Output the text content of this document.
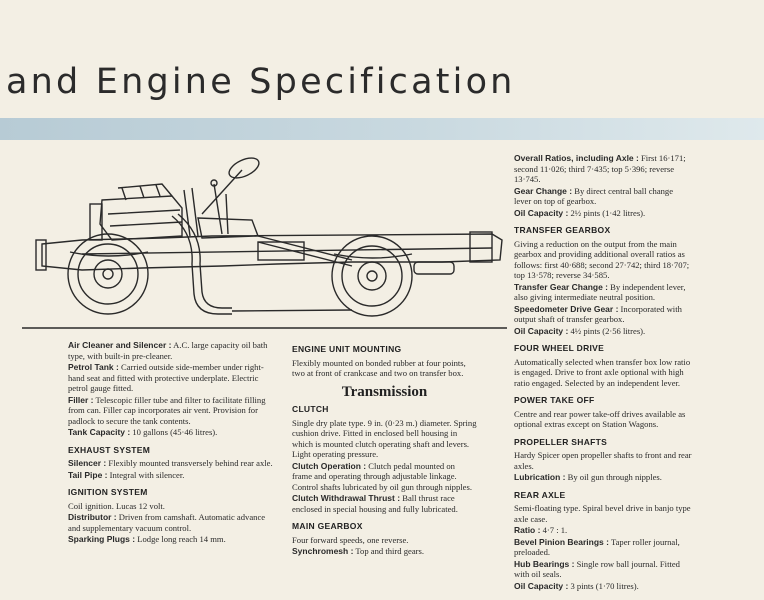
and Engine Specification
Air Cleaner and Silencer : A.C. large capacity oil bath type, with built-in pre-cleaner.
Petrol Tank : Carried outside side-member under right-hand seat and fitted with protective underplate. Electric petrol gauge fitted.
Filler : Telescopic filler tube and filter to facilitate filling from can. Filler cap incorporates air vent. Provision for padlock to secure the tank contents.
Tank Capacity : 10 gallons (45·46 litres).
EXHAUST SYSTEM
Silencer : Flexibly mounted transversely behind rear axle.
Tail Pipe : Integral with silencer.
IGNITION SYSTEM
Coil ignition. Lucas 12 volt.
Distributor : Driven from camshaft. Automatic advance and supplementary vacuum control.
Sparking Plugs : Lodge long reach 14 mm.
ENGINE UNIT MOUNTING
Flexibly mounted on bonded rubber at four points, two at front of crankcase and two on transfer box.
Transmission
CLUTCH
Single dry plate type. 9 in. (0·23 m.) diameter. Spring cushion drive. Fitted in enclosed bell housing in which is mounted clutch operating shaft and levers. Light operating pressure.
Clutch Operation : Clutch pedal mounted on frame and operating through adjustable linkage. Control shafts lubricated by oil gun through nipples.
Clutch Withdrawal Thrust : Ball thrust race enclosed in special housing and fully lubricated.
MAIN GEARBOX
Four forward speeds, one reverse.
Synchromesh : Top and third gears.
Overall Ratios, including Axle : First 16·171; second 11·026; third 7·435; top 5·396; reverse 13·745.
Gear Change : By direct central ball change lever on top of gearbox.
Oil Capacity : 2½ pints (1·42 litres).
TRANSFER GEARBOX
Giving a reduction on the output from the main gearbox and providing additional overall ratios as follows: first 40·688; second 27·742; third 18·707; top 13·578; reverse 34·585.
Transfer Gear Change : By independent lever, also giving intermediate neutral position.
Speedometer Drive Gear : Incorporated with output shaft of transfer gearbox.
Oil Capacity : 4½ pints (2·56 litres).
FOUR WHEEL DRIVE
Automatically selected when transfer box low ratio is engaged. Drive to front axle optional with high ratio engaged. Selected by an independent lever.
POWER TAKE OFF
Centre and rear power take-off drives available as optional extras except on Station Wagons.
PROPELLER SHAFTS
Hardy Spicer open propeller shafts to front and rear axles.
Lubrication : By oil gun through nipples.
REAR AXLE
Semi-floating type. Spiral bevel drive in banjo type axle case.
Ratio : 4·7 : 1.
Bevel Pinion Bearings : Taper roller journal, preloaded.
Hub Bearings : Single row ball journal. Fitted with oil seals.
Oil Capacity : 3 pints (1·70 litres).
